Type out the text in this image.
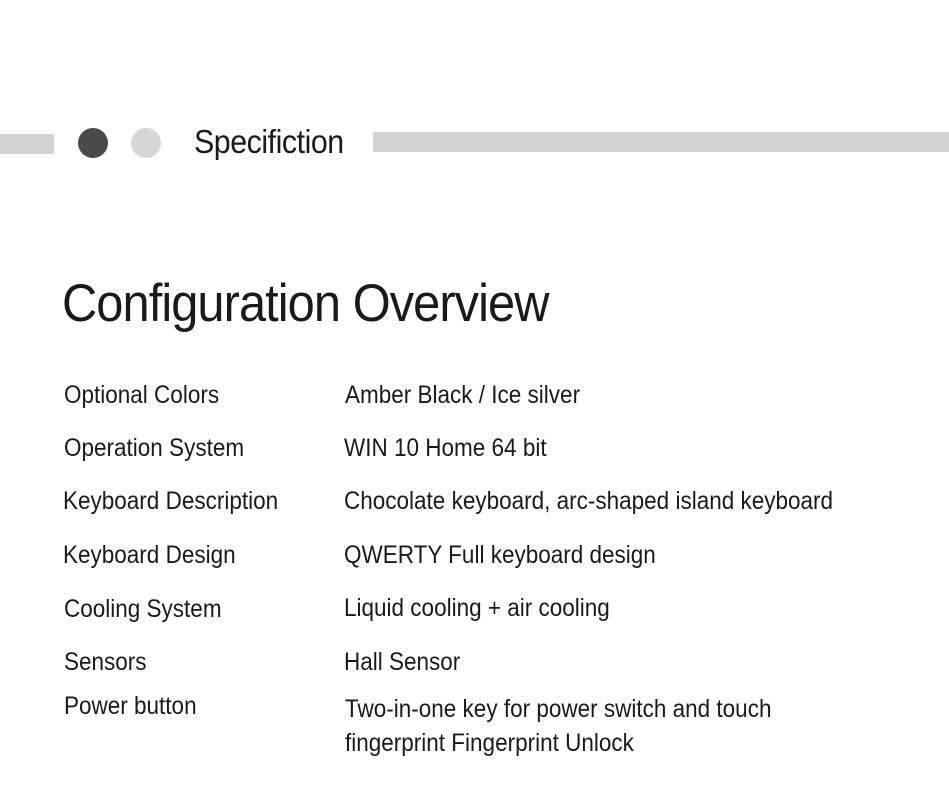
Specifiction
Configuration Overview
Optional Colors	Amber Black / Ice silver
Operation System	WIN 10 Home 64 bit
Keyboard Description	Chocolate keyboard, arc-shaped island keyboard
Keyboard Design	QWERTY Full keyboard design
Cooling System	Liquid cooling + air cooling
Sensors	Hall Sensor
Power button	Two-in-one key for power switch and touch
fingerprint Fingerprint Unlock
